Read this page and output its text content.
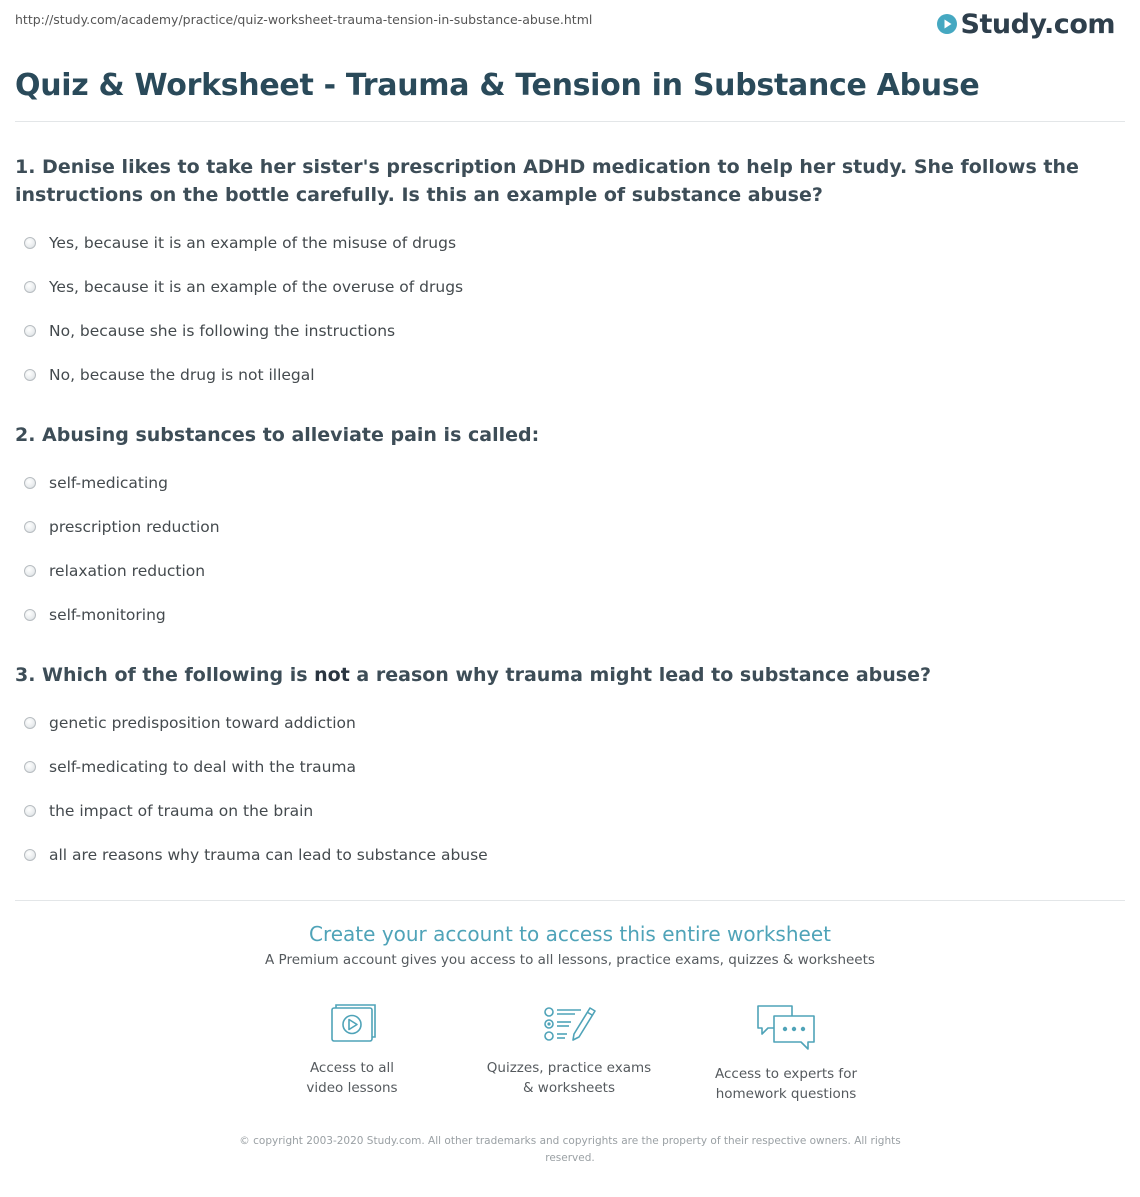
http://study.com/academy/practice/quiz-worksheet-trauma-tension-in-substance-abuse.html	Study.com
Quiz & Worksheet - Trauma & Tension in Substance Abuse

1. Denise likes to take her sister's prescription ADHD medication to help her study. She follows the instructions on the bottle carefully. Is this an example of substance abuse?

Yes, because it is an example of the misuse of drugs
Yes, because it is an example of the overuse of drugs
No, because she is following the instructions
No, because the drug is not illegal

2. Abusing substances to alleviate pain is called:

self-medicating
prescription reduction
relaxation reduction
self-monitoring

3. Which of the following is not a reason why trauma might lead to substance abuse?

genetic predisposition toward addiction
self-medicating to deal with the trauma
the impact of trauma on the brain
all are reasons why trauma can lead to substance abuse

Create your account to access this entire worksheet

A Premium account gives you access to all lessons, practice exams, quizzes & worksheets
Access to all
video lessons
Quizzes, practice exams
& worksheets
Access to experts for
homework questions
© copyright 2003-2020 Study.com. All other trademarks and copyrights are the property of their respective owners. All rights reserved.
